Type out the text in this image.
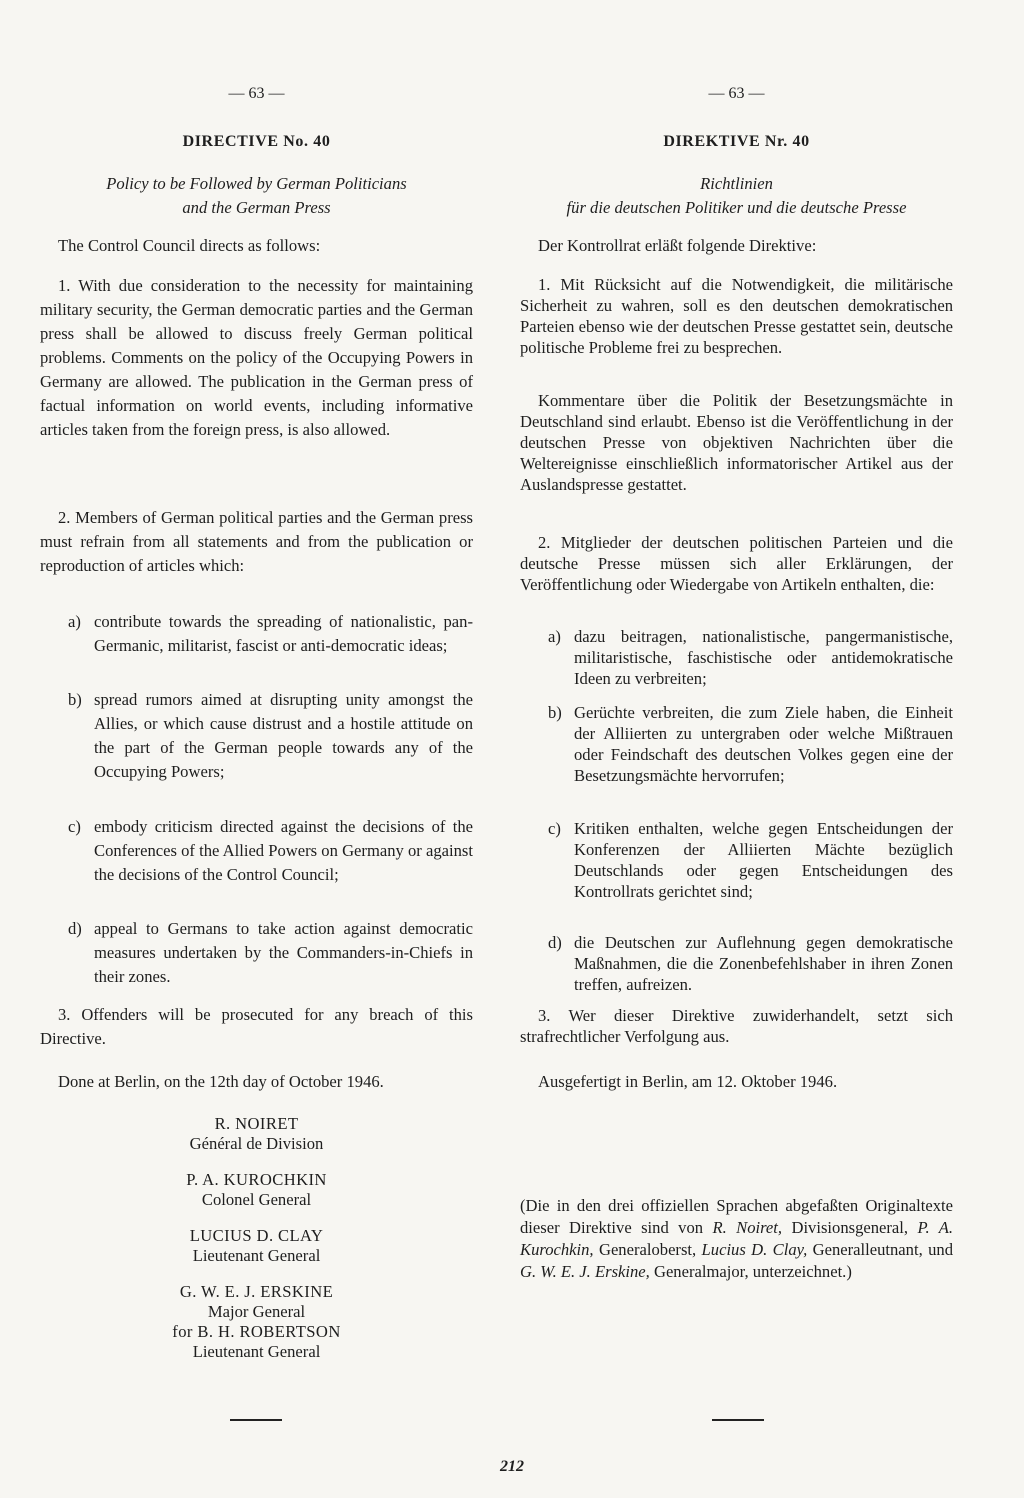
— 63 —
DIRECTIVE No. 40
Policy to be Followed by German Politicians
and the German Press

The Control Council directs as follows:

1. With due consideration to the necessity for maintaining military security, the German democratic parties and the German press shall be allowed to discuss freely German political problems. Comments on the policy of the Occupying Powers in Germany are allowed. The publication in the German press of factual information on world events, including informative articles taken from the foreign press, is also allowed.

2. Members of German political parties and the German press must refrain from all statements and from the publication or reproduction of articles which:

a) contribute towards the spreading of nationalistic, pan-Germanic, militarist, fascist or anti-democratic ideas;
b) spread rumors aimed at disrupting unity amongst the Allies, or which cause distrust and a hostile attitude on the part of the German people towards any of the Occupying Powers;
c) embody criticism directed against the decisions of the Conferences of the Allied Powers on Germany or against the decisions of the Control Council;
d) appeal to Germans to take action against democratic measures undertaken by the Commanders-in-Chiefs in their zones.

3. Offenders will be prosecuted for any breach of this Directive.

Done at Berlin, on the 12th day of October 1946.

R. NOIRET
Général de Division
P. A. KUROCHKIN
Colonel General
LUCIUS D. CLAY
Lieutenant General
G. W. E. J. ERSKINE
Major General
for B. H. ROBERTSON
Lieutenant General
— 63 —
DIREKTIVE Nr. 40
Richtlinien
für die deutschen Politiker und die deutsche Presse

Der Kontrollrat erläßt folgende Direktive:

1. Mit Rücksicht auf die Notwendigkeit, die militärische Sicherheit zu wahren, soll es den deutschen demokratischen Parteien ebenso wie der deutschen Presse gestattet sein, deutsche politische Probleme frei zu besprechen.

Kommentare über die Politik der Besetzungsmächte in Deutschland sind erlaubt. Ebenso ist die Veröffentlichung in der deutschen Presse von objektiven Nachrichten über die Weltereignisse einschließlich informatorischer Artikel aus der Auslandspresse gestattet.

2. Mitglieder der deutschen politischen Parteien und die deutsche Presse müssen sich aller Erklärungen, der Veröffentlichung oder Wiedergabe von Artikeln enthalten, die:

a) dazu beitragen, nationalistische, pangermanistische, militaristische, faschistische oder antidemokratische Ideen zu verbreiten;
b) Gerüchte verbreiten, die zum Ziele haben, die Einheit der Alliierten zu untergraben oder welche Mißtrauen oder Feindschaft des deutschen Volkes gegen eine der Besetzungsmächte hervorrufen;
c) Kritiken enthalten, welche gegen Entscheidungen der Konferenzen der Alliierten Mächte bezüglich Deutschlands oder gegen Entscheidungen des Kontrollrats gerichtet sind;
d) die Deutschen zur Auflehnung gegen demokratische Maßnahmen, die die Zonenbefehlshaber in ihren Zonen treffen, aufreizen.

3. Wer dieser Direktive zuwiderhandelt, setzt sich strafrechtlicher Verfolgung aus.

Ausgefertigt in Berlin, am 12. Oktober 1946.

(Die in den drei offiziellen Sprachen abgefaßten Originaltexte dieser Direktive sind von R. Noiret, Divisionsgeneral, P. A. Kurochkin, Generaloberst, Lucius D. Clay, Generalleutnant, und G. W. E. J. Erskine, Generalmajor, unterzeichnet.)
212
